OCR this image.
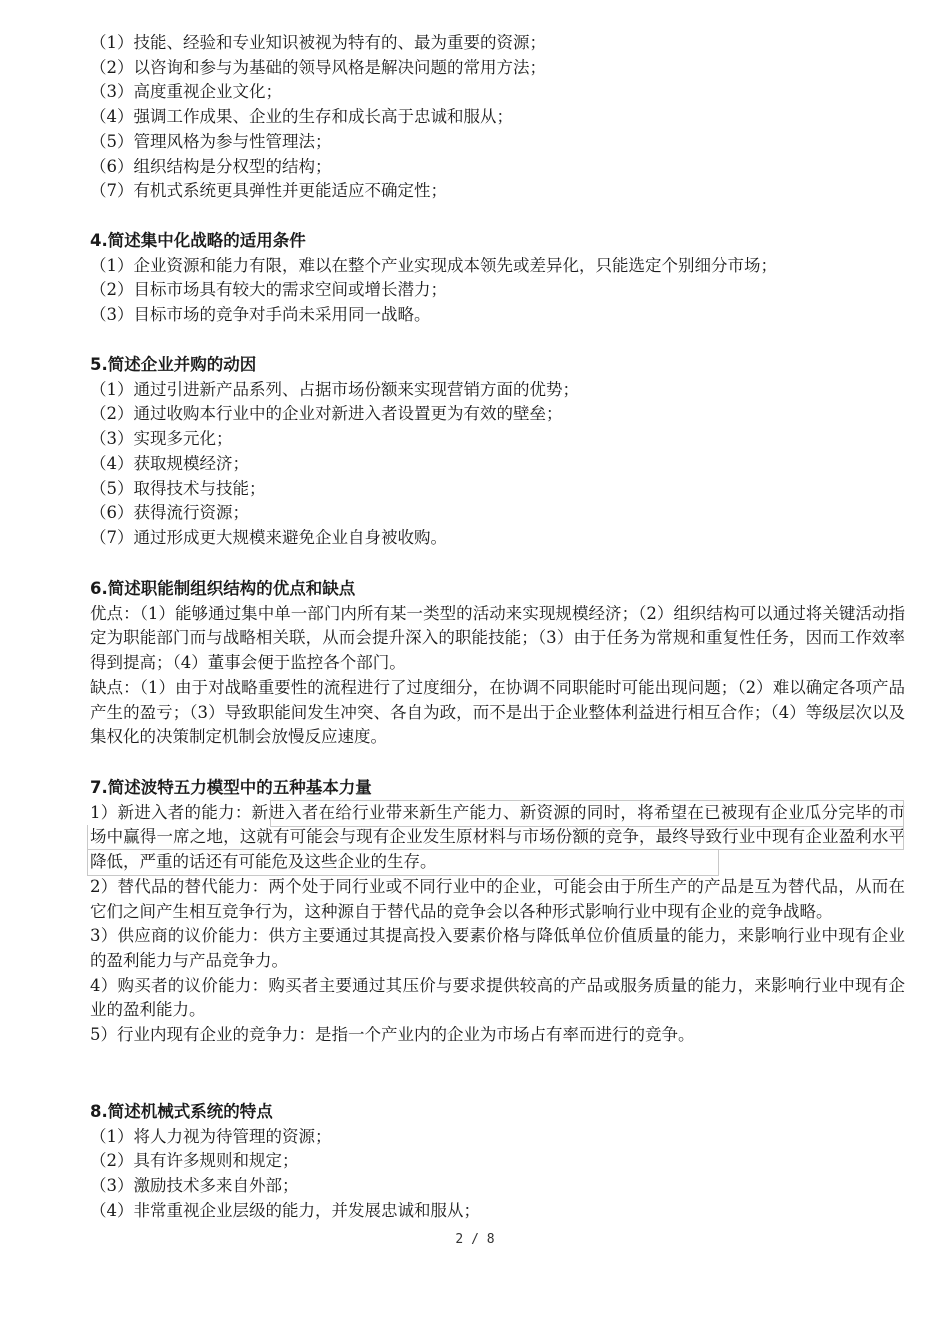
（1）技能、经验和专业知识被视为特有的、最为重要的资源；
（2）以咨询和参与为基础的领导风格是解决问题的常用方法；
（3）高度重视企业文化；
（4）强调工作成果、企业的生存和成长高于忠诚和服从；
（5）管理风格为参与性管理法；
（6）组织结构是分权型的结构；
（7）有机式系统更具弹性并更能适应不确定性；
4.简述集中化战略的适用条件
（1）企业资源和能力有限，难以在整个产业实现成本领先或差异化，只能选定个别细分市场；
（2）目标市场具有较大的需求空间或增长潜力；
（3）目标市场的竞争对手尚未采用同一战略。
5.简述企业并购的动因
（1）通过引进新产品系列、占据市场份额来实现营销方面的优势；
（2）通过收购本行业中的企业对新进入者设置更为有效的壁垒；
（3）实现多元化；
（4）获取规模经济；
（5）取得技术与技能；
（6）获得流行资源；
（7）通过形成更大规模来避免企业自身被收购。
6.简述职能制组织结构的优点和缺点
优点：（1）能够通过集中单一部门内所有某一类型的活动来实现规模经济；（2）组织结构可以通过将关键活动指定为职能部门而与战略相关联，从而会提升深入的职能技能；（3）由于任务为常规和重复性任务，因而工作效率得到提高；（4）董事会便于监控各个部门。
缺点：（1）由于对战略重要性的流程进行了过度细分，在协调不同职能时可能出现问题；（2）难以确定各项产品产生的盈亏；（3）导致职能间发生冲突、各自为政，而不是出于企业整体利益进行相互合作；（4）等级层次以及集权化的决策制定机制会放慢反应速度。
7.简述波特五力模型中的五种基本力量
1）新进入者的能力：新进入者在给行业带来新生产能力、新资源的同时，将希望在已被现有企业瓜分完毕的市场中赢得一席之地，这就有可能会与现有企业发生原材料与市场份额的竞争，最终导致行业中现有企业盈利水平降低，严重的话还有可能危及这些企业的生存。
2）替代品的替代能力：两个处于同行业或不同行业中的企业，可能会由于所生产的产品是互为替代品，从而在它们之间产生相互竞争行为，这种源自于替代品的竞争会以各种形式影响行业中现有企业的竞争战略。
3）供应商的议价能力：供方主要通过其提高投入要素价格与降低单位价值质量的能力，来影响行业中现有企业的盈利能力与产品竞争力。
4）购买者的议价能力：购买者主要通过其压价与要求提供较高的产品或服务质量的能力，来影响行业中现有企业的盈利能力。
5）行业内现有企业的竞争力：是指一个产业内的企业为市场占有率而进行的竞争。
8.简述机械式系统的特点
（1）将人力视为待管理的资源；
（2）具有许多规则和规定；
（3）激励技术多来自外部；
（4）非常重视企业层级的能力，并发展忠诚和服从；
2 / 8
